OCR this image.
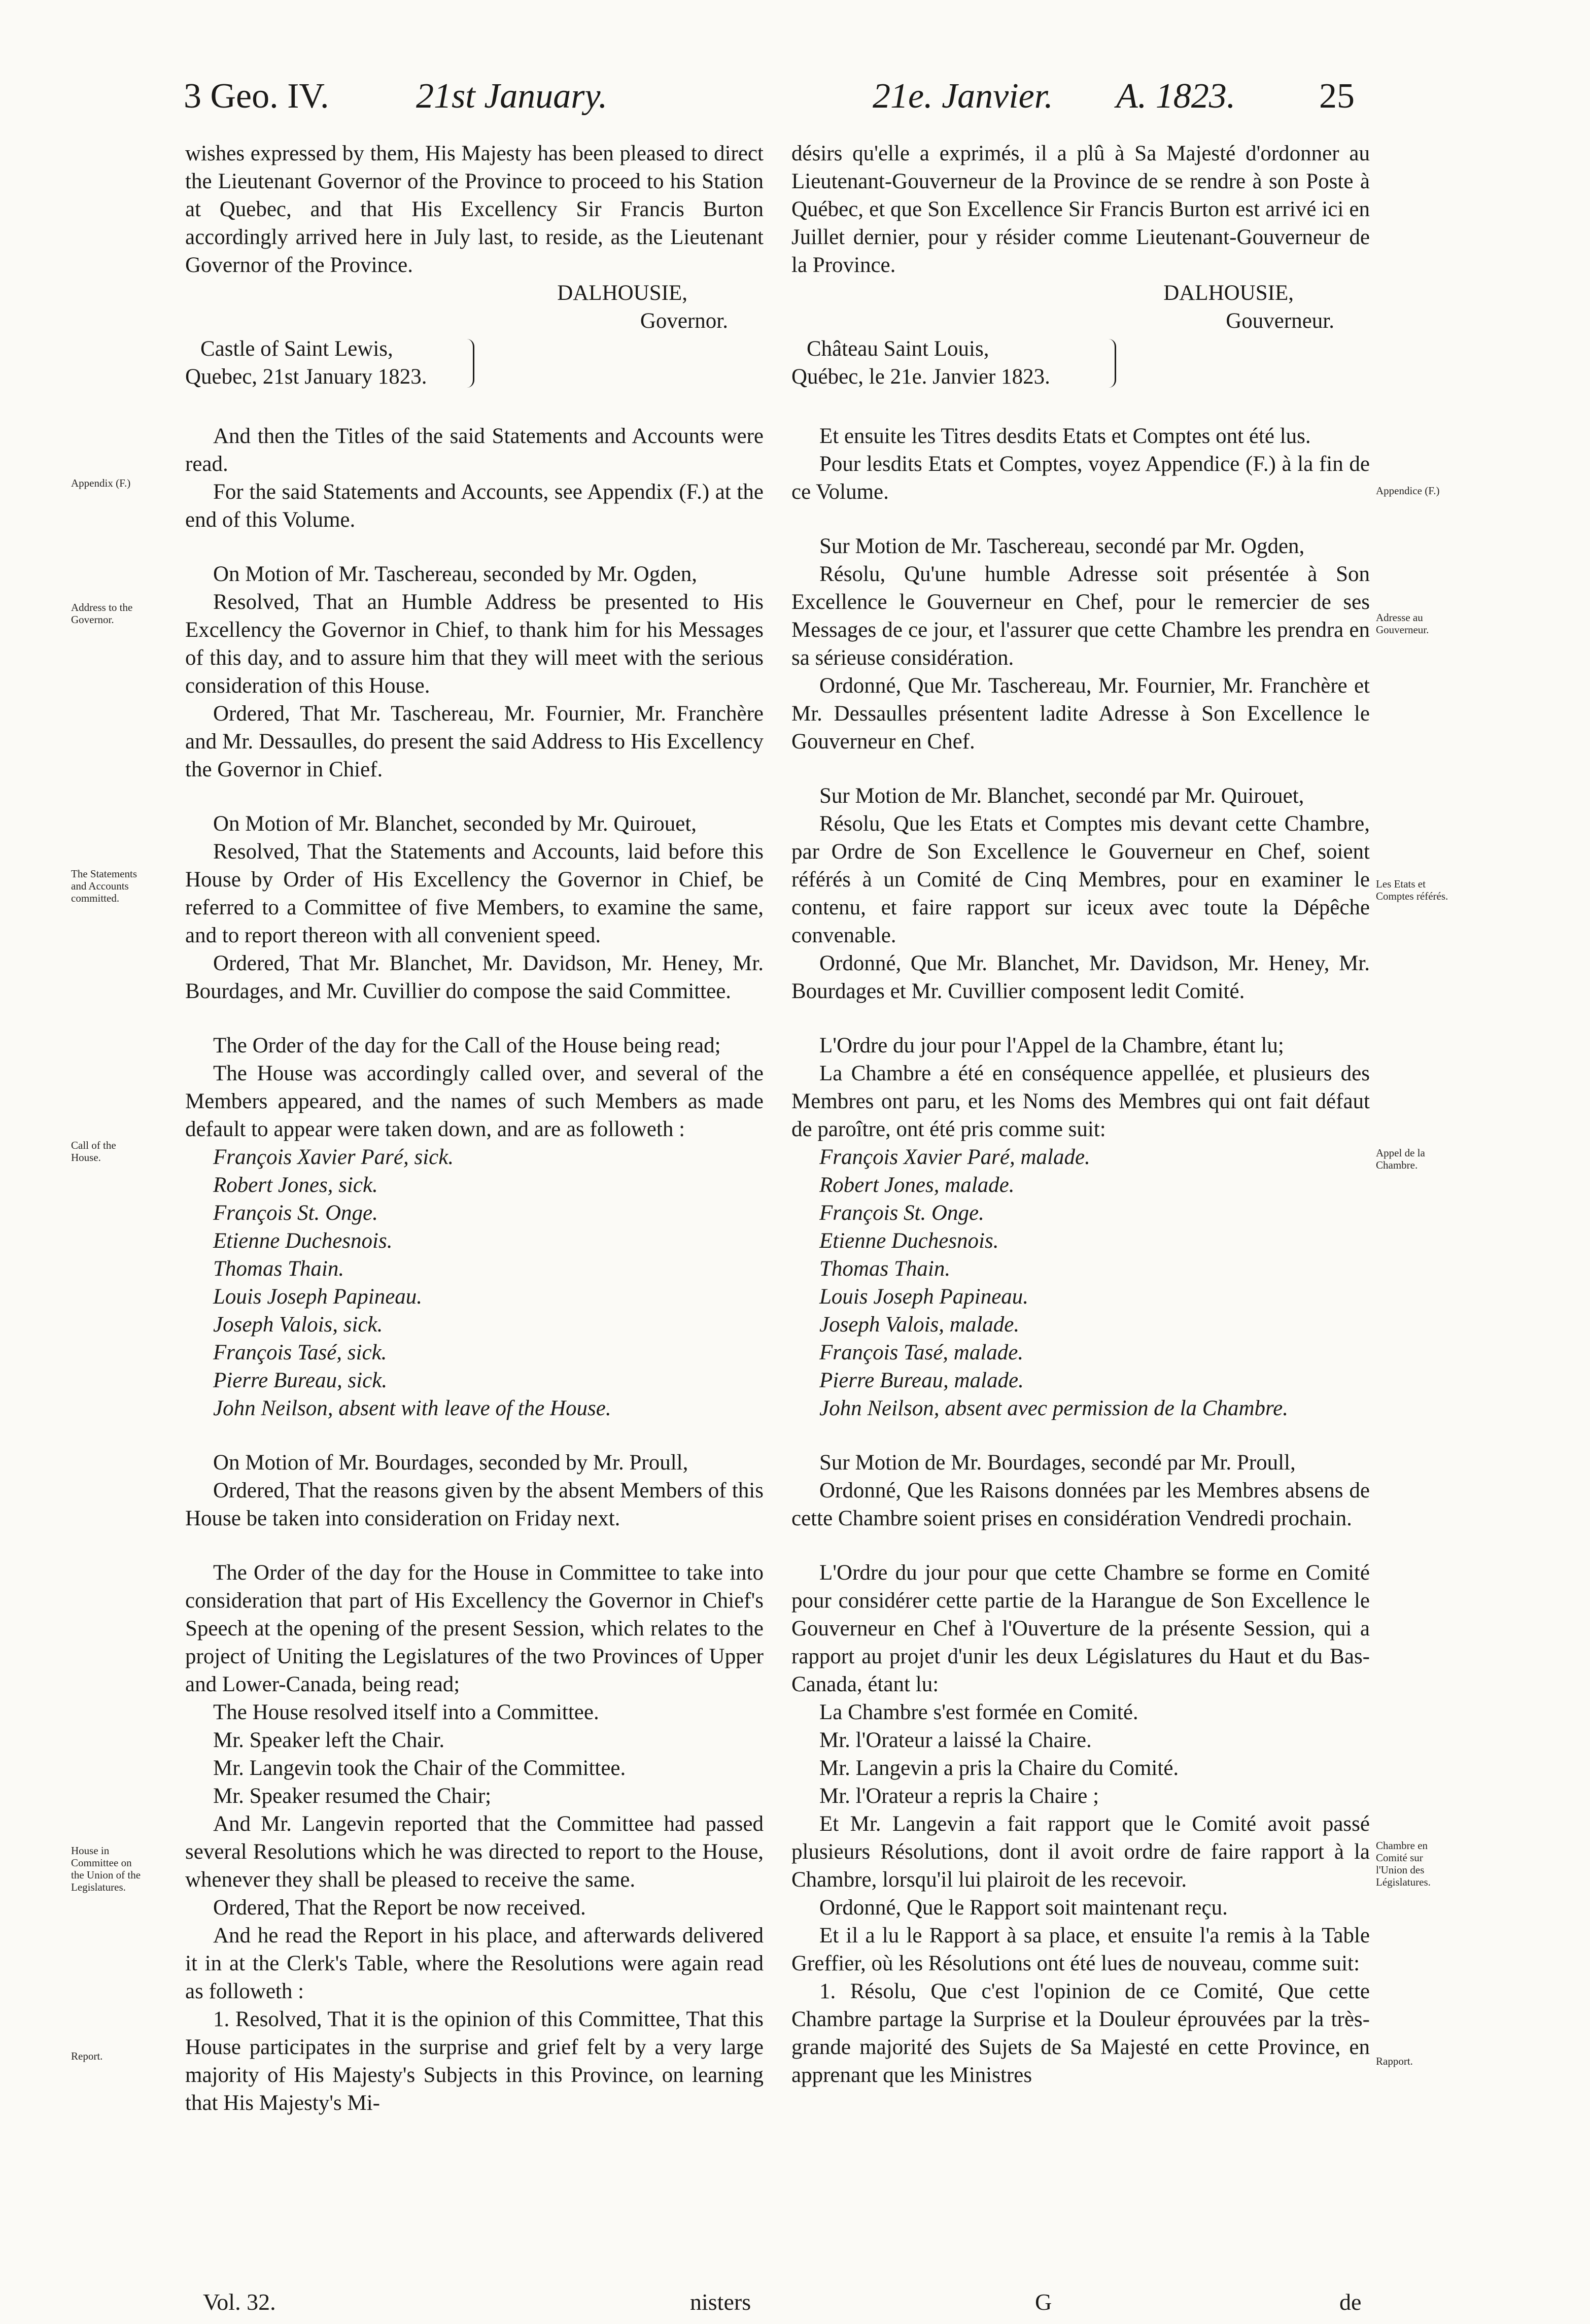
3 Geo. IV. 21st January.	21e. Janvier. A. 1823. 25

wishes expressed by them, His Majesty has been pleased to direct the Lieutenant Governor of the Province to proceed to his Station at Quebec, and that His Excellency Sir Francis Burton accordingly arrived here in July last, to reside, as the Lieutenant Governor of the Province.

DALHOUSIE,

Governor.

Castle of Saint Lewis,
Quebec, 21st January 1823.

And then the Titles of the said Statements and Accounts were read.

For the said Statements and Accounts, see Appendix (F.) at the end of this Volume.

On Motion of Mr. Taschereau, seconded by Mr. Ogden,

Resolved, That an Humble Address be presented to His Excellency the Governor in Chief, to thank him for his Messages of this day, and to assure him that they will meet with the serious consideration of this House.

Ordered, That Mr. Taschereau, Mr. Fournier, Mr. Franchère and Mr. Dessaulles, do present the said Address to His Excellency the Governor in Chief.

On Motion of Mr. Blanchet, seconded by Mr. Quirouet,

Resolved, That the Statements and Accounts, laid before this House by Order of His Excellency the Governor in Chief, be referred to a Committee of five Members, to examine the same, and to report thereon with all convenient speed.

Ordered, That Mr. Blanchet, Mr. Davidson, Mr. Heney, Mr. Bourdages, and Mr. Cuvillier do compose the said Committee.

The Order of the day for the Call of the House being read;

The House was accordingly called over, and several of the Members appeared, and the names of such Members as made default to appear were taken down, and are as followeth :

François Xavier Paré, sick.

Robert Jones, sick.

François St. Onge.

Etienne Duchesnois.

Thomas Thain.

Louis Joseph Papineau.

Joseph Valois, sick.

François Tasé, sick.

Pierre Bureau, sick.

John Neilson, absent with leave of the House.

On Motion of Mr. Bourdages, seconded by Mr. Proull,

Ordered, That the reasons given by the absent Members of this House be taken into consideration on Friday next.

The Order of the day for the House in Committee to take into consideration that part of His Excellency the Governor in Chief's Speech at the opening of the present Session, which relates to the project of Uniting the Legislatures of the two Provinces of Upper and Lower-Canada, being read;

The House resolved itself into a Committee.

Mr. Speaker left the Chair.

Mr. Langevin took the Chair of the Committee.

Mr. Speaker resumed the Chair;

And Mr. Langevin reported that the Committee had passed several Resolutions which he was directed to report to the House, whenever they shall be pleased to receive the same.

Ordered, That the Report be now received.

And he read the Report in his place, and afterwards delivered it in at the Clerk's Table, where the Resolutions were again read as followeth :

1. Resolved, That it is the opinion of this Committee, That this House participates in the surprise and grief felt by a very large majority of His Majesty's Subjects in this Province, on learning that His Majesty's Mi-

désirs qu'elle a exprimés, il a plû à Sa Majesté d'ordonner au Lieutenant-Gouverneur de la Province de se rendre à son Poste à Québec, et que Son Excellence Sir Francis Burton est arrivé ici en Juillet dernier, pour y résider comme Lieutenant-Gouverneur de la Province.

DALHOUSIE,

Gouverneur.

Château Saint Louis,
Québec, le 21e. Janvier 1823.

Et ensuite les Titres desdits Etats et Comptes ont été lus.

Pour lesdits Etats et Comptes, voyez Appendice (F.) à la fin de ce Volume.

Sur Motion de Mr. Taschereau, secondé par Mr. Ogden,

Résolu, Qu'une humble Adresse soit présentée à Son Excellence le Gouverneur en Chef, pour le remercier de ses Messages de ce jour, et l'assurer que cette Chambre les prendra en sa sérieuse considération.

Ordonné, Que Mr. Taschereau, Mr. Fournier, Mr. Franchère et Mr. Dessaulles présentent ladite Adresse à Son Excellence le Gouverneur en Chef.

Sur Motion de Mr. Blanchet, secondé par Mr. Quirouet,

Résolu, Que les Etats et Comptes mis devant cette Chambre, par Ordre de Son Excellence le Gouverneur en Chef, soient référés à un Comité de Cinq Membres, pour en examiner le contenu, et faire rapport sur iceux avec toute la Dépêche convenable.

Ordonné, Que Mr. Blanchet, Mr. Davidson, Mr. Heney, Mr. Bourdages et Mr. Cuvillier composent ledit Comité.

L'Ordre du jour pour l'Appel de la Chambre, étant lu;

La Chambre a été en conséquence appellée, et plusieurs des Membres ont paru, et les Noms des Membres qui ont fait défaut de paroître, ont été pris comme suit:

François Xavier Paré, malade.

Robert Jones, malade.

François St. Onge.

Etienne Duchesnois.

Thomas Thain.

Louis Joseph Papineau.

Joseph Valois, malade.

François Tasé, malade.

Pierre Bureau, malade.

John Neilson, absent avec permission de la Chambre.

Sur Motion de Mr. Bourdages, secondé par Mr. Proull,

Ordonné, Que les Raisons données par les Membres absens de cette Chambre soient prises en considération Vendredi prochain.

L'Ordre du jour pour que cette Chambre se forme en Comité pour considérer cette partie de la Harangue de Son Excellence le Gouverneur en Chef à l'Ouverture de la présente Session, qui a rapport au projet d'unir les deux Législatures du Haut et du Bas-Canada, étant lu:

La Chambre s'est formée en Comité.

Mr. l'Orateur a laissé la Chaire.

Mr. Langevin a pris la Chaire du Comité.

Mr. l'Orateur a repris la Chaire ;

Et Mr. Langevin a fait rapport que le Comité avoit passé plusieurs Résolutions, dont il avoit ordre de faire rapport à la Chambre, lorsqu'il lui plairoit de les recevoir.

Ordonné, Que le Rapport soit maintenant reçu.

Et il a lu le Rapport à sa place, et ensuite l'a remis à la Table Greffier, où les Résolutions ont été lues de nouveau, comme suit:

1. Résolu, Que c'est l'opinion de ce Comité, Que cette Chambre partage la Surprise et la Douleur éprouvées par la très-grande majorité des Sujets de Sa Majesté en cette Province, en apprenant que les Ministres

Appendix (F.)
Address to the Governor.
The Statements and Accounts committed.
Call of the House.
House in Committee on the Union of the Legislatures.
Report.
Appendice (F.)
Adresse au Gouverneur.
Les Etats et Comptes référés.
Appel de la Chambre.
Chambre en Comité sur l'Union des Législatures.
Rapport.
Vol. 32.	nisters	G	de
